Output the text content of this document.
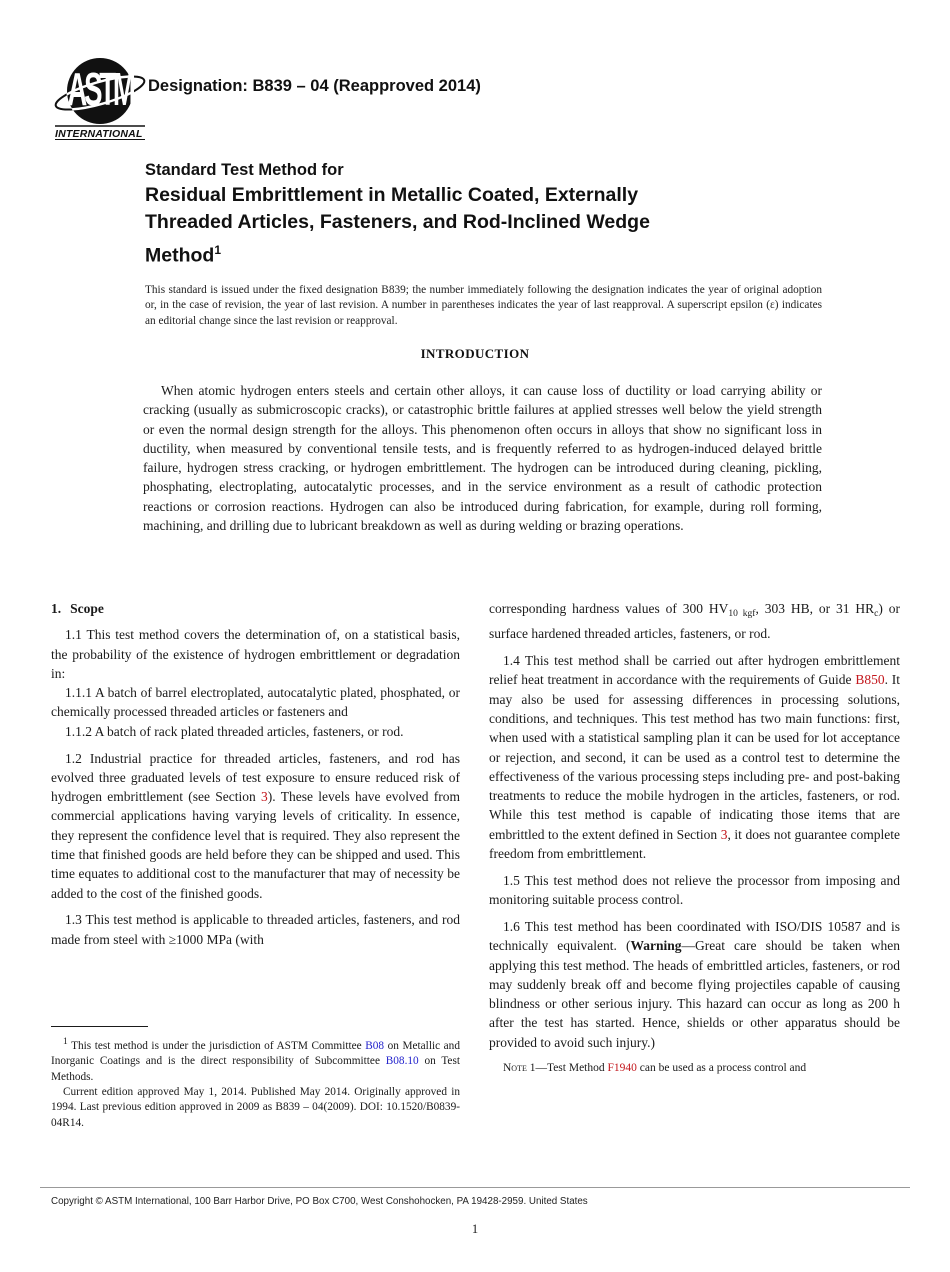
ASTM
INTERNATIONAL
Designation: B839 – 04 (Reapproved 2014)
Standard Test Method for
Residual Embrittlement in Metallic Coated, Externally
Threaded Articles, Fasteners, and Rod-Inclined Wedge
Method$^1$
This standard is issued under the fixed designation B839; the number immediately following the designation indicates the year of original adoption or, in the case of revision, the year of last revision. A number in parentheses indicates the year of last reapproval. A superscript epsilon (ε) indicates an editorial change since the last revision or reapproval.
INTRODUCTION
When atomic hydrogen enters steels and certain other alloys, it can cause loss of ductility or load carrying ability or cracking (usually as submicroscopic cracks), or catastrophic brittle failures at applied stresses well below the yield strength or even the normal design strength for the alloys. This phenomenon often occurs in alloys that show no significant loss in ductility, when measured by conventional tensile tests, and is frequently referred to as hydrogen-induced delayed brittle failure, hydrogen stress cracking, or hydrogen embrittlement. The hydrogen can be introduced during cleaning, pickling, phosphating, electroplating, autocatalytic processes, and in the service environment as a result of cathodic protection reactions or corrosion reactions. Hydrogen can also be introduced during fabrication, for example, during roll forming, machining, and drilling due to lubricant breakdown as well as during welding or brazing operations.

1. Scope

1.1 This test method covers the determination of, on a statistical basis, the probability of the existence of hydrogen embrittlement or degradation in:

1.1.1 A batch of barrel electroplated, autocatalytic plated, phosphated, or chemically processed threaded articles or fasteners and

1.1.2 A batch of rack plated threaded articles, fasteners, or rod.

1.2 Industrial practice for threaded articles, fasteners, and rod has evolved three graduated levels of test exposure to ensure reduced risk of hydrogen embrittlement (see Section 3). These levels have evolved from commercial applications having varying levels of criticality. In essence, they represent the confidence level that is required. They also represent the time that finished goods are held before they can be shipped and used. This time equates to additional cost to the manufacturer that may of necessity be added to the cost of the finished goods.

1.3 This test method is applicable to threaded articles, fasteners, and rod made from steel with ≥1000 MPa (with

corresponding hardness values of 300 $HV_{10 kgf}$, 303 HB, or 31 $HR_c$) or surface hardened threaded articles, fasteners, or rod.

1.4 This test method shall be carried out after hydrogen embrittlement relief heat treatment in accordance with the requirements of Guide B850. It may also be used for assessing differences in processing solutions, conditions, and techniques. This test method has two main functions: first, when used with a statistical sampling plan it can be used for lot acceptance or rejection, and second, it can be used as a control test to determine the effectiveness of the various processing steps including pre- and post-baking treatments to reduce the mobile hydrogen in the articles, fasteners, or rod. While this test method is capable of indicating those items that are embrittled to the extent defined in Section 3, it does not guarantee complete freedom from embrittlement.

1.5 This test method does not relieve the processor from imposing and monitoring suitable process control.

1.6 This test method has been coordinated with ISO/DIS 10587 and is technically equivalent. (Warning—Great care should be taken when applying this test method. The heads of embrittled articles, fasteners, or rod may suddenly break off and become flying projectiles capable of causing blindness or other serious injury. This hazard can occur as long as 200 h after the test has started. Hence, shields or other apparatus should be provided to avoid such injury.)

Note 1—Test Method F1940 can be used as a process control and

$^1$ This test method is under the jurisdiction of ASTM Committee B08 on Metallic and Inorganic Coatings and is the direct responsibility of Subcommittee B08.10 on Test Methods.

Current edition approved May 1, 2014. Published May 2014. Originally approved in 1994. Last previous edition approved in 2009 as B839 – 04(2009). DOI: 10.1520/B0839-04R14.

Copyright © ASTM International, 100 Barr Harbor Drive, PO Box C700, West Conshohocken, PA 19428-2959. United States
1
